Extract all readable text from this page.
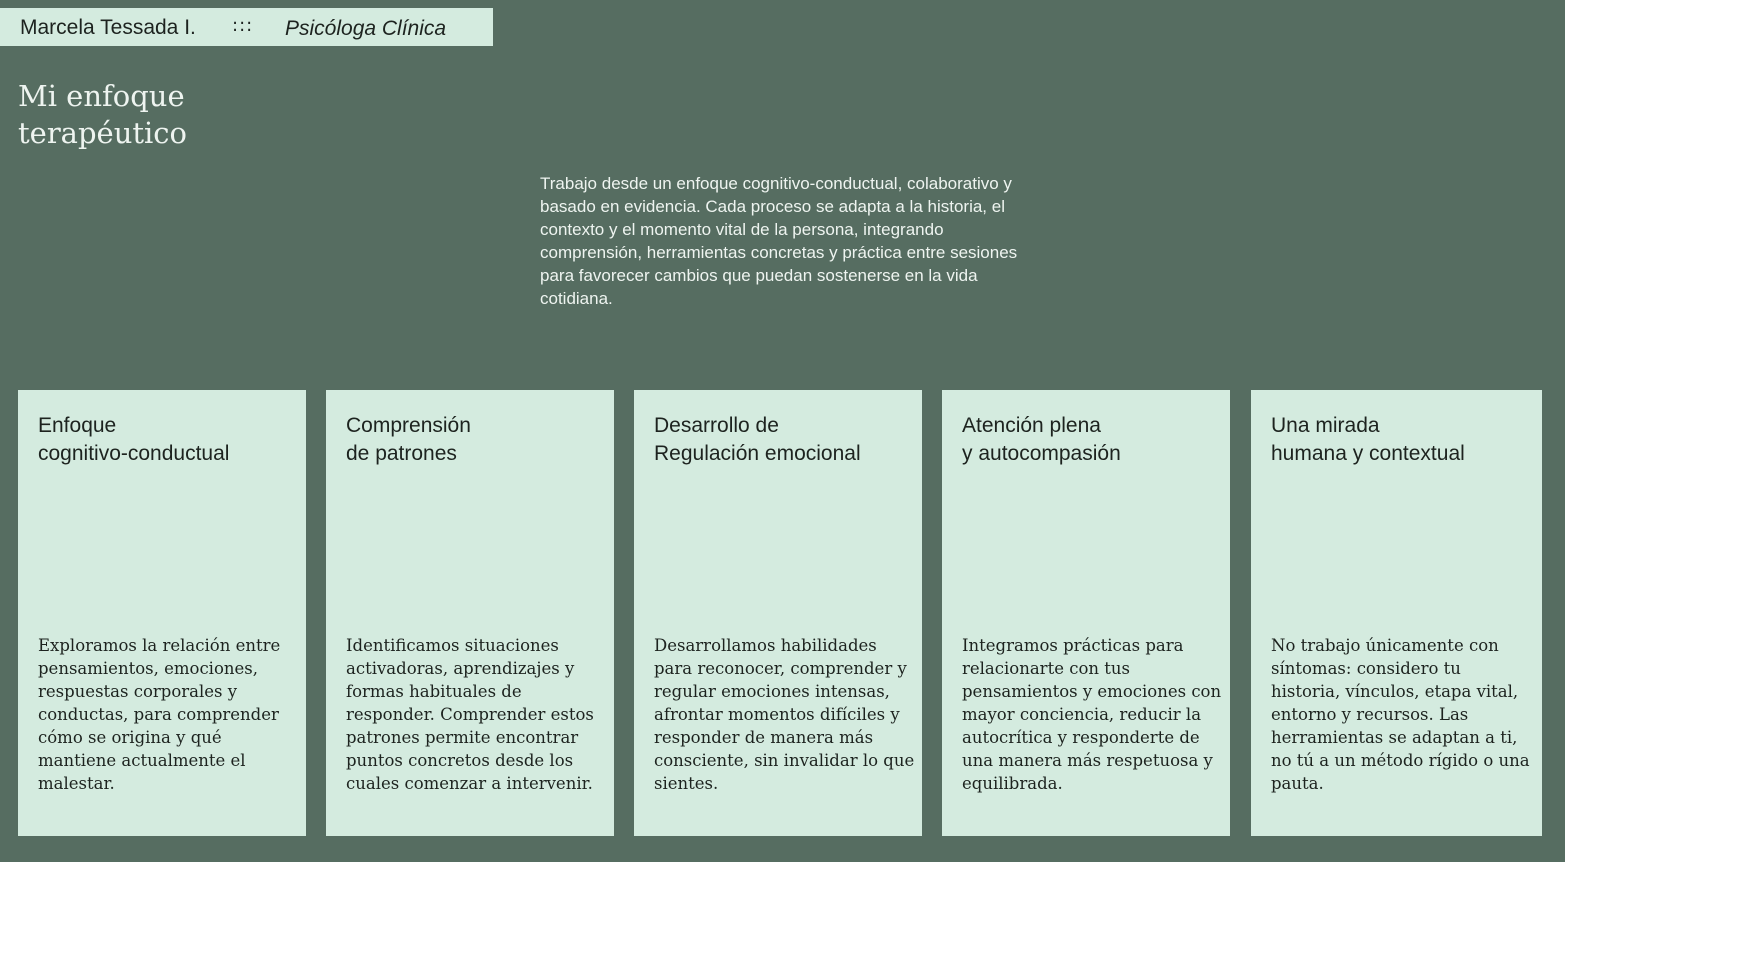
Marcela Tessada I. ::: Psicóloga Clínica
Mi enfoque terapéutico

Trabajo desde un enfoque cognitivo-conductual, colaborativo y basado en evidencia. Cada proceso se adapta a la historia, el contexto y el momento vital de la persona, integrando comprensión, herramientas concretas y práctica entre sesiones para favorecer cambios que puedan sostenerse en la vida cotidiana.

Enfoque
cognitivo-conductual

Exploramos la relación entre pensamientos, emociones, respuestas corporales y conductas, para comprender cómo se origina y qué mantiene actualmente el malestar.

Comprensión
de patrones

Identificamos situaciones activadoras, aprendizajes y formas habituales de responder. Comprender estos patrones permite encontrar puntos concretos desde los cuales comenzar a intervenir.

Desarrollo de
Regulación emocional

Desarrollamos habilidades para reconocer, comprender y regular emociones intensas, afrontar momentos difíciles y responder de manera más consciente, sin invalidar lo que sientes.

Atención plena
y autocompasión

Integramos prácticas para relacionarte con tus pensamientos y emociones con mayor conciencia, reducir la autocrítica y responderte de una manera más respetuosa y equilibrada.

Una mirada
humana y contextual

No trabajo únicamente con síntomas: considero tu historia, vínculos, etapa vital, entorno y recursos. Las herramientas se adaptan a ti, no tú a un método rígido o una pauta.
